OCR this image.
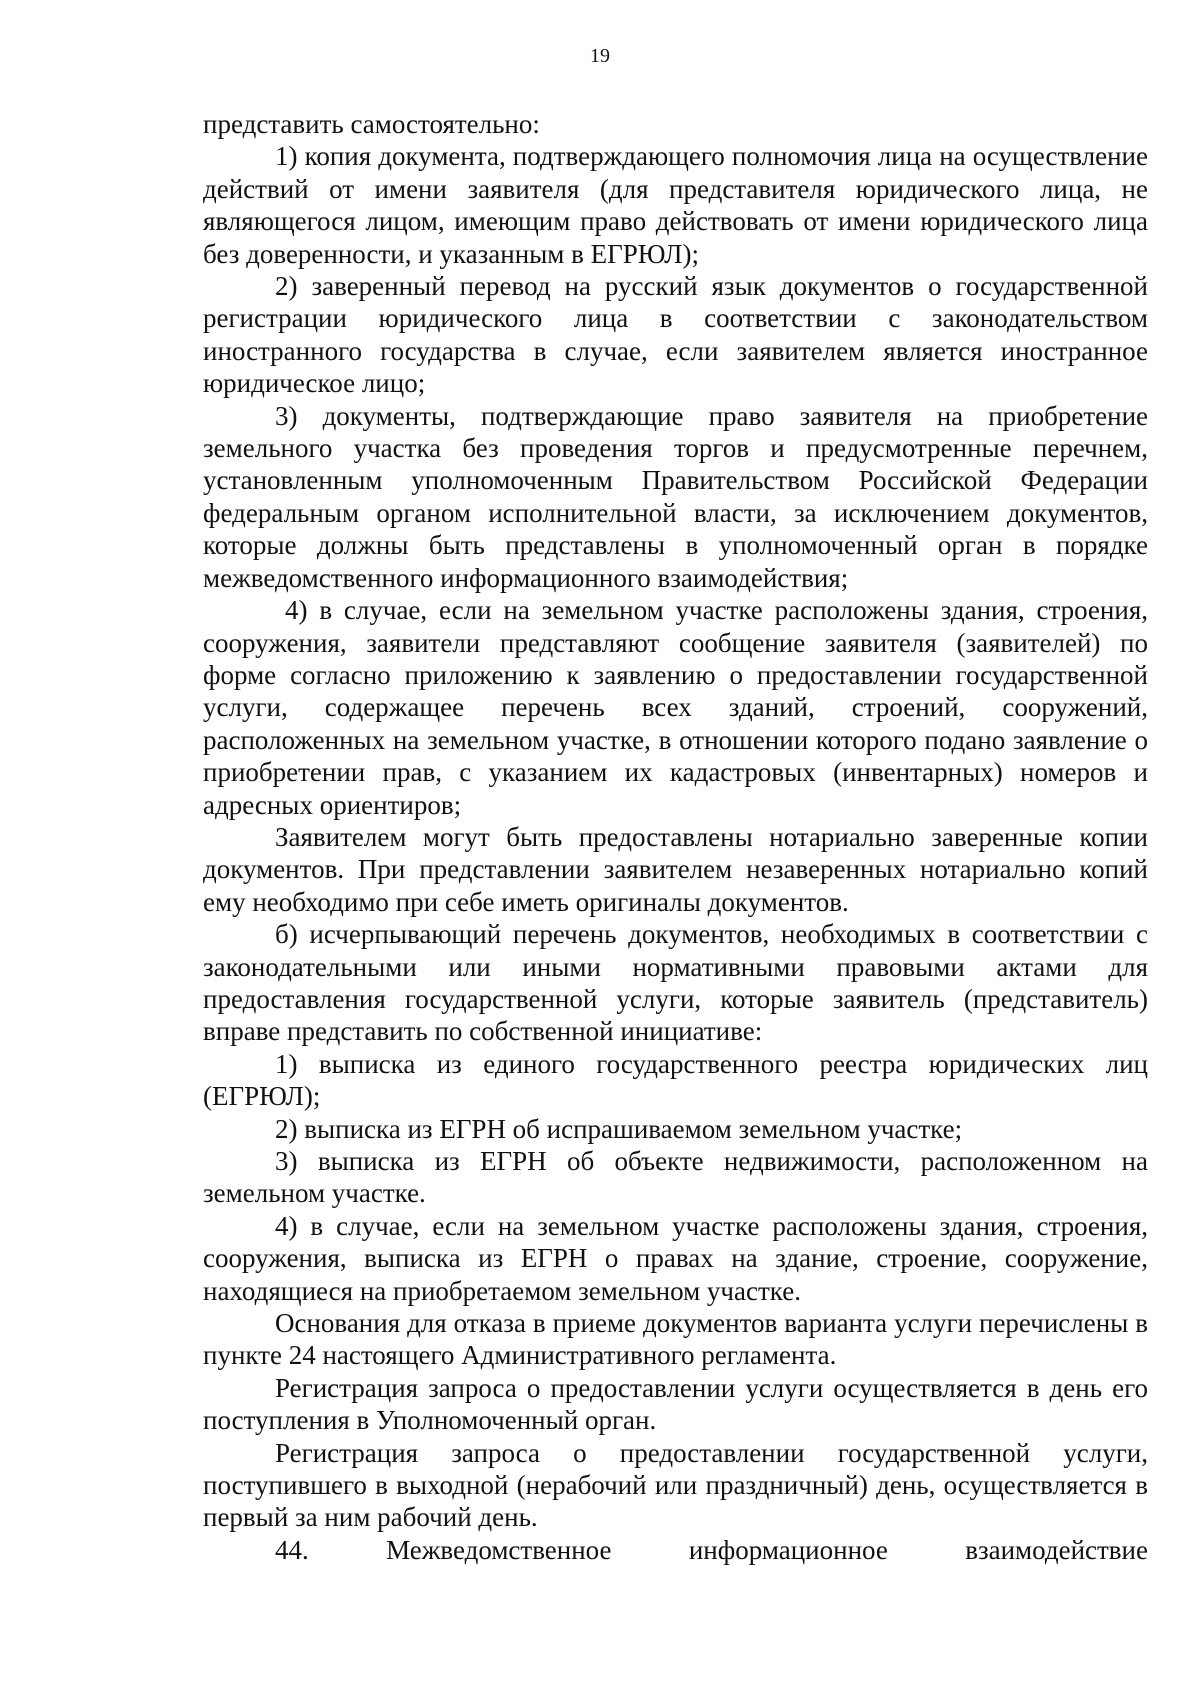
19

представить самостоятельно:

1) копия документа, подтверждающего полномочия лица на осуществление действий от имени заявителя (для представителя юридического лица, не являющегося лицом, имеющим право действовать от имени юридического лица без доверенности, и указанным в ЕГРЮЛ);

2) заверенный перевод на русский язык документов о государственной регистрации юридического лица в соответствии с законодательством иностранного государства в случае, если заявителем является иностранное юридическое лицо;

3) документы, подтверждающие право заявителя на приобретение земельного участка без проведения торгов и предусмотренные перечнем, установленным уполномоченным Правительством Российской Федерации федеральным органом исполнительной власти, за исключением документов, которые должны быть представлены в уполномоченный орган в порядке межведомственного информационного взаимодействия;

4) в случае, если на земельном участке расположены здания, строения, сооружения, заявители представляют сообщение заявителя (заявителей) по форме согласно приложению к заявлению о предоставлении государственной услуги, содержащее перечень всех зданий, строений, сооружений, расположенных на земельном участке, в отношении которого подано заявление о приобретении прав, с указанием их кадастровых (инвентарных) номеров и адресных ориентиров;

Заявителем могут быть предоставлены нотариально заверенные копии документов. При представлении заявителем незаверенных нотариально копий ему необходимо при себе иметь оригиналы документов.

б) исчерпывающий перечень документов, необходимых в соответствии с законодательными или иными нормативными правовыми актами для предоставления государственной услуги, которые заявитель (представитель) вправе представить по собственной инициативе:

1) выписка из единого государственного реестра юридических лиц (ЕГРЮЛ);

2) выписка из ЕГРН об испрашиваемом земельном участке;

3) выписка из ЕГРН об объекте недвижимости, расположенном на земельном участке.

4) в случае, если на земельном участке расположены здания, строения, сооружения, выписка из ЕГРН о правах на здание, строение, сооружение, находящиеся на приобретаемом земельном участке.

Основания для отказа в приеме документов варианта услуги перечислены в пункте 24 настоящего Административного регламента.

Регистрация запроса о предоставлении услуги осуществляется в день его поступления в Уполномоченный орган.

Регистрация запроса о предоставлении государственной услуги, поступившего в выходной (нерабочий или праздничный) день, осуществляется в первый за ним рабочий день.

44. Межведомственное информационное взаимодействие
